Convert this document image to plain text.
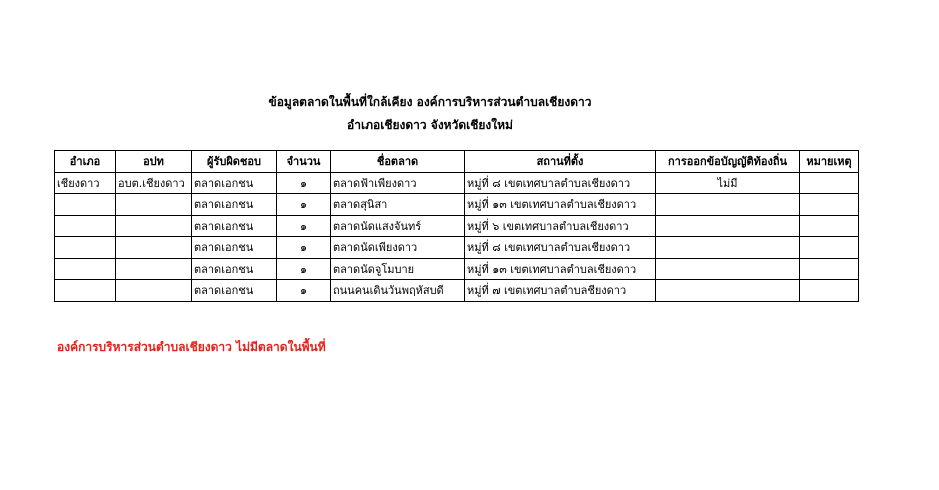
ข้อมูลตลาดในพื้นที่ใกล้เคียง องค์การบริหารส่วนตำบลเชียงดาว
อำเภอเชียงดาว จังหวัดเชียงใหม่
อำเภอ	อปท	ผู้รับผิดชอบ	จำนวน	ชื่อตลาด	สถานที่ตั้ง	การออกข้อบัญญัติท้องถิ่น	หมายเหตุ
เชียงดาว	อบต.เชียงดาว	ตลาดเอกชน	๑	ตลาดฟ้าเพียงดาว	หมู่ที่ ๘ เขตเทศบาลตำบลเชียงดาว	ไม่มี	
		ตลาดเอกชน	๑	ตลาดสุนิสา	หมู่ที่ ๑๓ เขตเทศบาลตำบลเชียงดาว		
		ตลาดเอกชน	๑	ตลาดนัดแสงจันทร์	หมู่ที่ ๖ เขตเทศบาลตำบลเชียงดาว		
		ตลาดเอกชน	๑	ตลาดนัดเพียงดาว	หมู่ที่ ๘ เขตเทศบาลตำบลเชียงดาว		
		ตลาดเอกชน	๑	ตลาดนัดจูโมบาย	หมู่ที่ ๑๓ เขตเทศบาลตำบลเชียงดาว		
		ตลาดเอกชน	๑	ถนนคนเดินวันพฤหัสบดี	หมู่ที่ ๗ เขตเทศบาลตำบลชียงดาว		
องค์การบริหารส่วนตำบลเชียงดาว ไม่มีตลาดในพื้นที่
